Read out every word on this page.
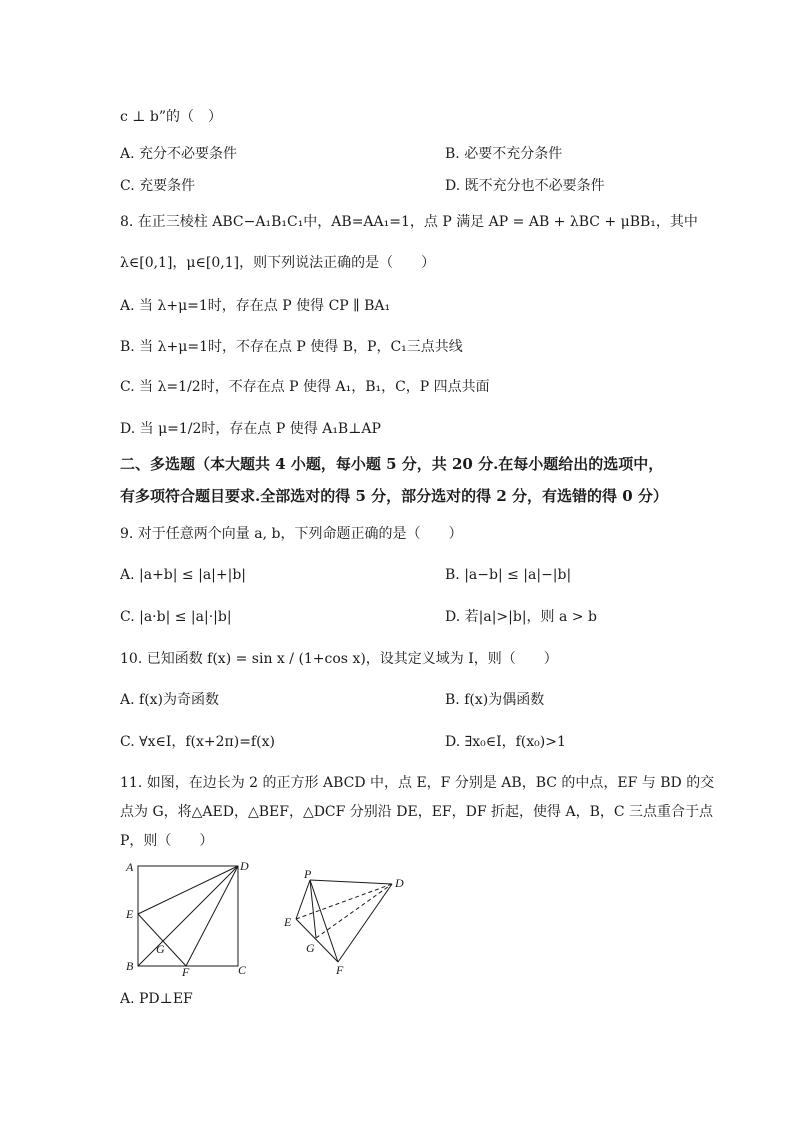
c ⊥ b”的（　）
A. 充分不必要条件	B. 必要不充分条件
C. 充要条件	D. 既不充分也不必要条件
8. 在正三棱柱 ABC−A₁B₁C₁中，AB=AA₁=1，点 P 满足 AP = AB + λBC + μBB₁，其中
λ∈[0,1]，μ∈[0,1]，则下列说法正确的是（　　）
A. 当 λ+μ=1时，存在点 P 使得 CP ∥ BA₁
B. 当 λ+μ=1时，不存在点 P 使得 B，P，C₁三点共线
C. 当 λ=1/2时，不存在点 P 使得 A₁，B₁，C，P 四点共面
D. 当 μ=1/2时，存在点 P 使得 A₁B⊥AP
二、多选题（本大题共 4 小题，每小题 5 分，共 20 分.在每小题给出的选项中，
有多项符合题目要求.全部选对的得 5 分，部分选对的得 2 分，有选错的得 0 分）
9. 对于任意两个向量 a, b，下列命题正确的是（　　）
A. |a+b| ≤ |a|+|b|	B. |a−b| ≤ |a|−|b|
C. |a·b| ≤ |a|·|b|	D. 若|a|>|b|，则 a > b
10. 已知函数 f(x) = sin x / (1+cos x)，设其定义域为 I，则（　　）
A. f(x)为奇函数	B. f(x)为偶函数
C. ∀x∈I，f(x+2π)=f(x)	D. ∃x₀∈I，f(x₀)>1
11. 如图，在边长为 2 的正方形 ABCD 中，点 E，F 分别是 AB，BC 的中点，EF 与 BD 的交
点为 G，将△AED，△BEF，△DCF 分别沿 DE，EF，DF 折起，使得 A，B，C 三点重合于点
P，则（　　）
A	D
E
B
G
F	C
P
D
E
G
F
A. PD⊥EF
